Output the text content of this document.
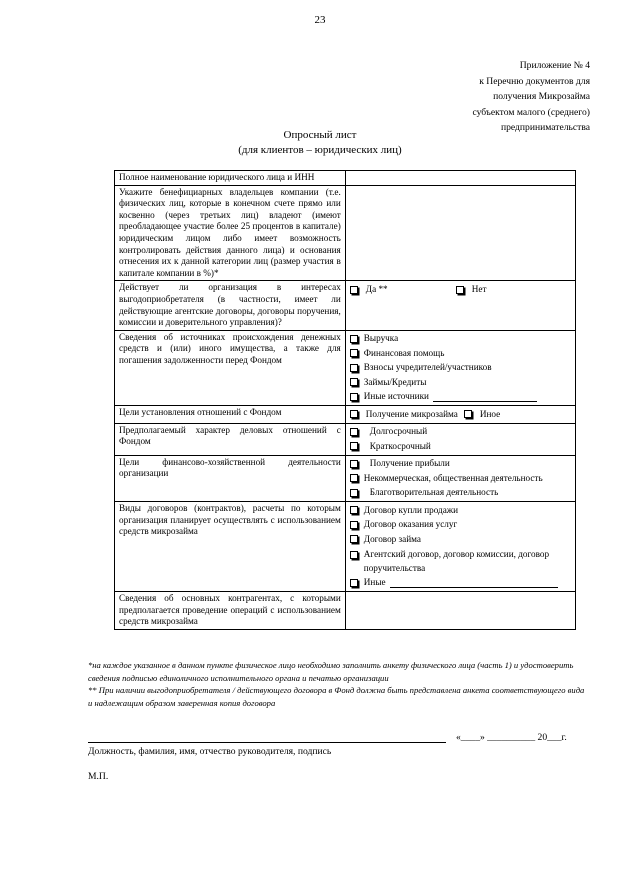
23
Приложение № 4
к Перечню документов для
получения Микрозайма
субъектом малого (среднего)
предпринимательства
Опросный лист
(для клиентов – юридических лиц)
Полное наименование юридического лица и ИНН	
Укажите бенефициарных владельцев компании (т.е. физических лиц, которые в конечном счете прямо или косвенно (через третьих лиц) владеют (имеют преобладающее участие более 25 процентов в капитале) юридическим лицом либо имеет возможность контролировать действия данного лица) и основания отнесения их к данной категории лиц (размер участия в капитале компании в %)*	
Действует ли организация в интересах выгодоприобретателя (в частности, имеет ли действующие агентские договоры, договоры поручения, комиссии и доверительного управления)?	Да ** Нет

Сведения об источниках происхождения денежных средств и (или) иного имущества, а также для погашения задолженности перед Фондом	Выручка
Финансовая помощь
Взносы учредителей/участников
Займы/Кредиты
Иные источники

Цели установления отношений с Фондом	Получение микрозайма Иное

Предполагаемый характер деловых отношений с Фондом	Долгосрочный
Краткосрочный

Цели финансово-хозяйственной деятельности организации	Получение прибыли
Некоммерческая, общественная деятельность
Благотворительная деятельность

Виды договоров (контрактов), расчеты по которым организация планирует осуществлять с использованием средств микрозайма	Договор купли продажи
Договор оказания услуг
Договор займа
Агентский договор, договор комиссии, договор поручительства
Иные

Сведения об основных контрагентах, с которыми предполагается проведение операций с использованием средств микрозайма	
*на каждое указанное в данном пункте физическое лицо необходимо заполнить анкету физического лица (часть 1) и удостоверить сведения подписью единоличного исполнительного органа и печатью организации
** При наличии выгодоприобретателя / действующего договора в Фонд должна быть представлена анкета соответствующего вида и надлежащим образом заверенная копия договора
«____» __________ 20___г.
Должность, фамилия, имя, отчество руководителя, подпись
М.П.
